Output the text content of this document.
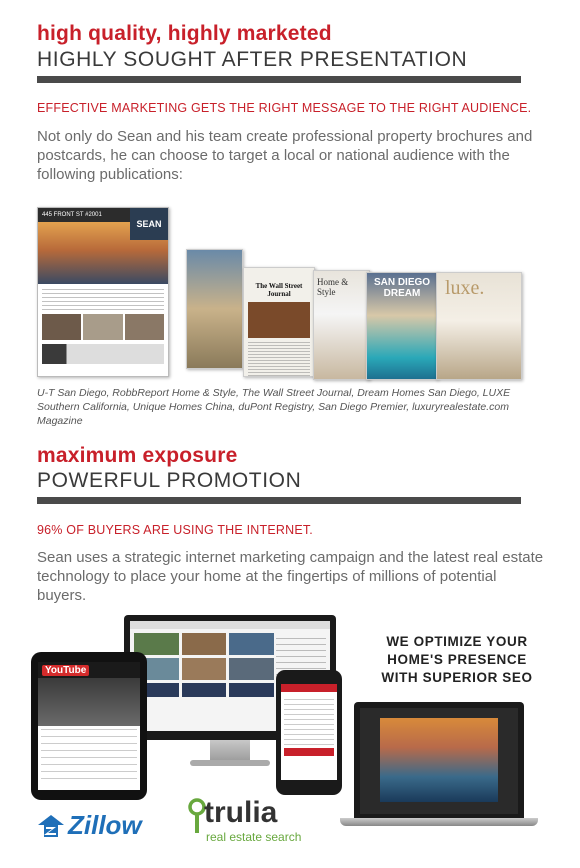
high quality, highly marketed
HIGHLY SOUGHT AFTER PRESENTATION
EFFECTIVE MARKETING GETS THE RIGHT MESSAGE TO THE RIGHT AUDIENCE.
Not only do Sean and his team create professional property brochures and postcards, he can choose to target a local or national audience with the following publications:
445 FRONT ST #2001
SEAN
The Wall Street Journal
Home & Style
SAN DIEGO DREAM	luxe.
U-T San Diego, RobbReport Home & Style, The Wall Street Journal, Dream Homes San Diego, LUXE Southern California, Unique Homes China, duPont Registry, San Diego Premier, luxuryrealestate.com Magazine
maximum exposure
POWERFUL PROMOTION
96% OF BUYERS ARE USING THE INTERNET.
Sean uses a strategic internet marketing campaign and the latest real estate technology to place your home at the fingertips of millions of potential buyers.
YouTube
WE OPTIMIZE YOUR HOME'S PRESENCE WITH SUPERIOR SEO
Zillow trulia
real estate search
